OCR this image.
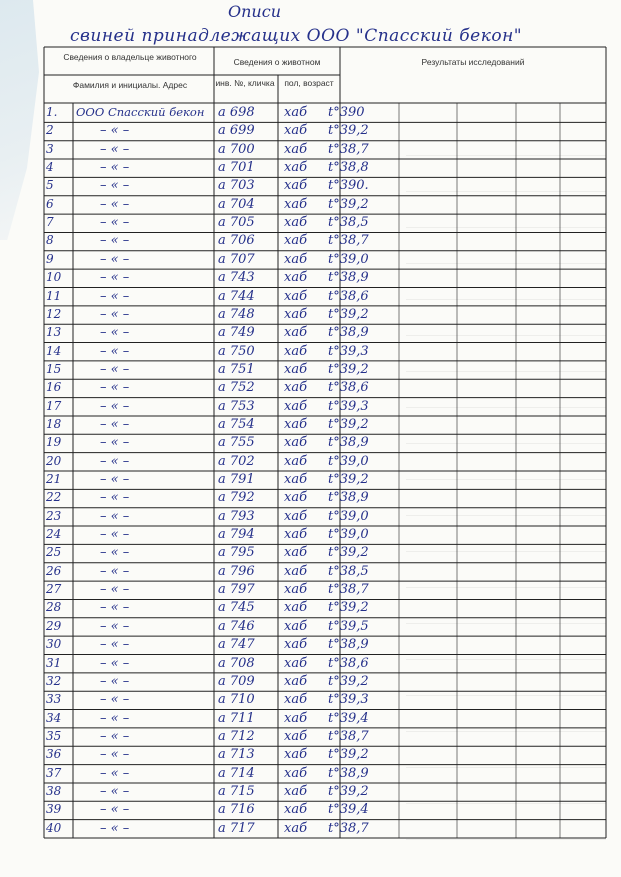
Описи
свиней принадлежащих ООО "Спасский бекон"
Сведения о владельце животного
Фамилия и инициалы. Адрес
Сведения о животном
инв. №, кличка	пол, возраст
Результаты исследований
1. ООО Спасский бекон а 698 хаб t°390
2	– « –	а 699 хаб t°39,2
3	– « –	а 700 хаб t°38,7
4	– « –	а 701 хаб t°38,8
5	– « –	а 703 хаб t°390.
6	– « –	а 704 хаб t°39,2
7	– « –	а 705 хаб t°38,5
8	– « –	а 706 хаб t°38,7
9	– « –	а 707 хаб t°39,0
10	– « –	а 743 хаб t°38,9
11	– « –	а 744 хаб t°38,6
12	– « –	а 748 хаб t°39,2
13	– « –	а 749 хаб t°38,9
14	– « –	а 750 хаб t°39,3
15	– « –	а 751 хаб t°39,2
16	– « –	а 752 хаб t°38,6
17	– « –	а 753 хаб t°39,3
18	– « –	а 754 хаб t°39,2
19	– « –	а 755 хаб t°38,9
20	– « –	а 702 хаб t°39,0
21	– « –	а 791 хаб t°39,2
22	– « –	а 792 хаб t°38,9
23	– « –	а 793 хаб t°39,0
24	– « –	а 794 хаб t°39,0
25	– « –	а 795 хаб t°39,2
26	– « –	а 796 хаб t°38,5
27	– « –	а 797 хаб t°38,7
28	– « –	а 745 хаб t°39,2
29	– « –	а 746 хаб t°39,5
30	– « –	а 747 хаб t°38,9
31	– « –	а 708 хаб t°38,6
32	– « –	а 709 хаб t°39,2
33	– « –	а 710 хаб t°39,3
34	– « –	а 711 хаб t°39,4
35	– « –	а 712 хаб t°38,7
36	– « –	а 713 хаб t°39,2
37	– « –	а 714 хаб t°38,9
38	– « –	а 715 хаб t°39,2
39	– « –	а 716 хаб t°39,4
40	– « –	а 717 хаб t°38,7
